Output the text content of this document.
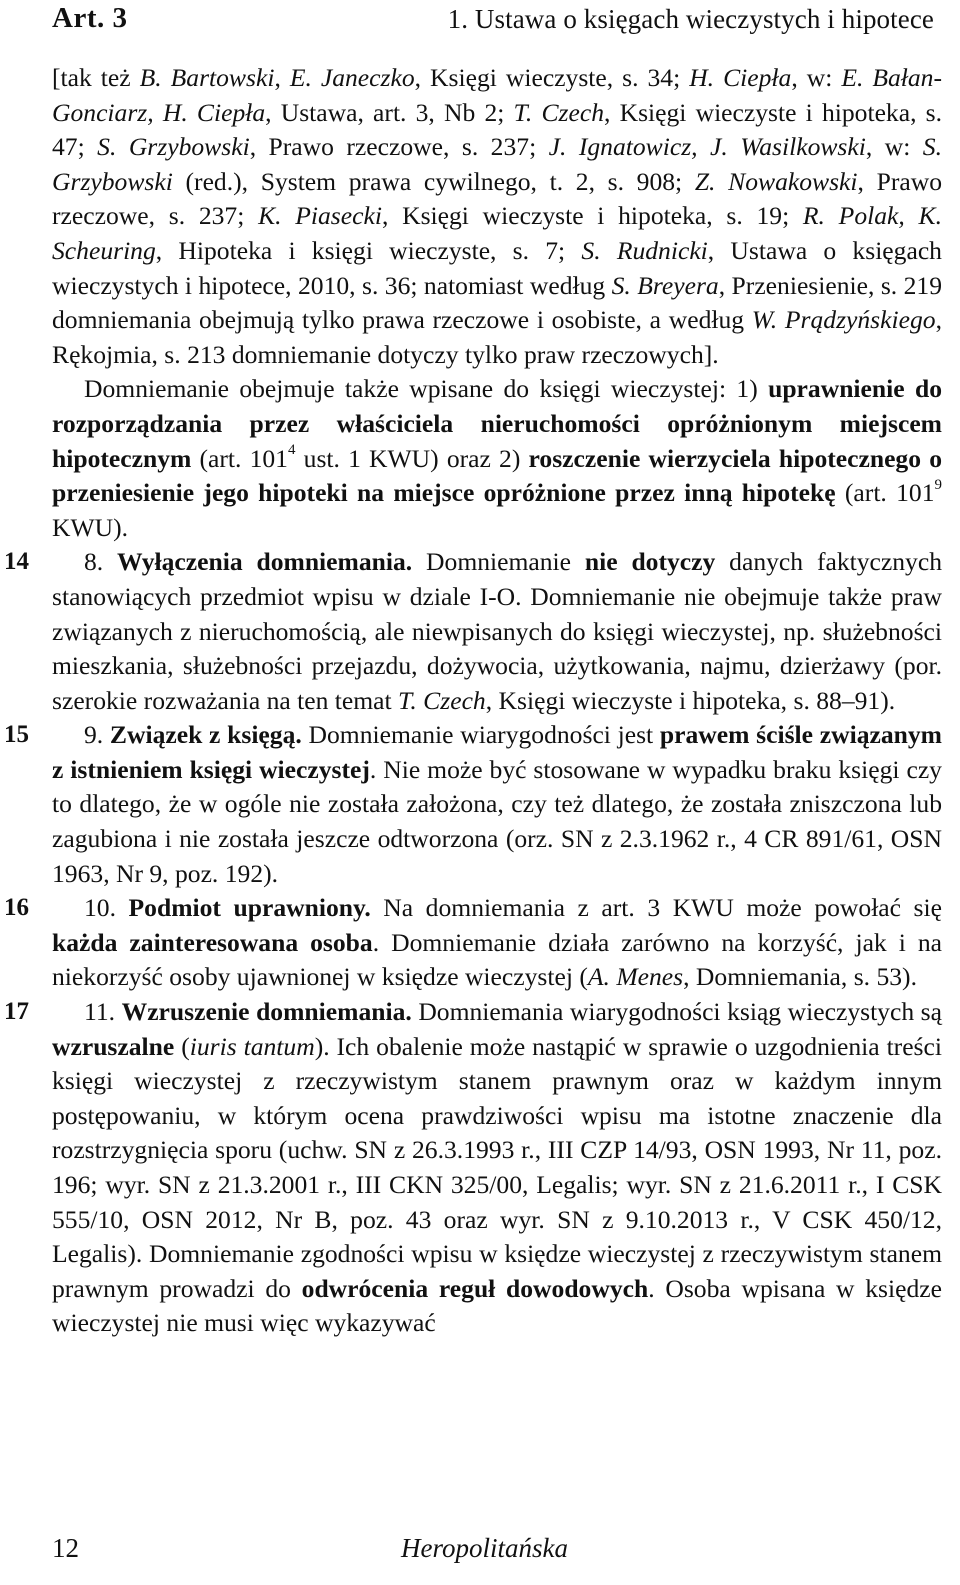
Art. 3	1. Ustawa o księgach wieczystych i hipotece

[tak też B. Bartowski, E. Janeczko, Księgi wieczyste, s. 34; H. Ciepła, w: E. Bałan-Gonciarz, H. Ciepła, Ustawa, art. 3, Nb 2; T. Czech, Księgi wieczyste i hipoteka, s. 47; S. Grzybowski, Prawo rzeczowe, s. 237; J. Ignatowicz, J. Wasilkowski, w: S. Grzybowski (red.), System prawa cywilnego, t. 2, s. 908; Z. Nowakowski, Prawo rzeczowe, s. 237; K. Piasecki, Księgi wieczyste i hipoteka, s. 19; R. Polak, K. Scheuring, Hipoteka i księgi wieczyste, s. 7; S. Rudnicki, Ustawa o księgach wieczystych i hipotece, 2010, s. 36; natomiast według S. Breyera, Przeniesienie, s. 219 domniemania obejmują tylko prawa rzeczowe i osobiste, a według W. Prądzyńskiego, Rękojmia, s. 213 domniemanie dotyczy tylko praw rzeczowych].

Domniemanie obejmuje także wpisane do księgi wieczystej: 1) uprawnienie do rozporządzania przez właściciela nieruchomości opróżnionym miejscem hipotecznym (art. $101^4$ ust. 1 KWU) oraz 2) roszczenie wierzyciela hipotecznego o przeniesienie jego hipoteki na miejsce opróżnione przez inną hipotekę (art. $101^9$ KWU).

14 8. Wyłączenia domniemania. Domniemanie nie dotyczy danych faktycznych stanowiących przedmiot wpisu w dziale I-O. Domniemanie nie obejmuje także praw związanych z nieruchomością, ale niewpisanych do księgi wieczystej, np. służebności mieszkania, służebności przejazdu, dożywocia, użytkowania, najmu, dzierżawy (por. szerokie rozważania na ten temat T. Czech, Księgi wieczyste i hipoteka, s. 88–91).

15 9. Związek z księgą. Domniemanie wiarygodności jest prawem ściśle związanym z istnieniem księgi wieczystej. Nie może być stosowane w wypadku braku księgi czy to dlatego, że w ogóle nie została założona, czy też dlatego, że została zniszczona lub zagubiona i nie została jeszcze odtworzona (orz. SN z 2.3.1962 r., 4 CR 891/61, OSN 1963, Nr 9, poz. 192).

16 10. Podmiot uprawniony. Na domniemania z art. 3 KWU może powołać się każda zainteresowana osoba. Domniemanie działa zarówno na korzyść, jak i na niekorzyść osoby ujawnionej w księdze wieczystej (A. Menes, Domniemania, s. 53).

17 11. Wzruszenie domniemania. Domniemania wiarygodności ksiąg wieczystych są wzruszalne (iuris tantum). Ich obalenie może nastąpić w sprawie o uzgodnienia treści księgi wieczystej z rzeczywistym stanem prawnym oraz w każdym innym postępowaniu, w którym ocena prawdziwości wpisu ma istotne znaczenie dla rozstrzygnięcia sporu (uchw. SN z 26.3.1993 r., III CZP 14/93, OSN 1993, Nr 11, poz. 196; wyr. SN z 21.3.2001 r., III CKN 325/00, Legalis; wyr. SN z 21.6.2011 r., I CSK 555/10, OSN 2012, Nr B, poz. 43 oraz wyr. SN z 9.10.2013 r., V CSK 450/12, Legalis). Domniemanie zgodności wpisu w księdze wieczystej z rzeczywistym stanem prawnym prowadzi do odwrócenia reguł dowodowych. Osoba wpisana w księdze wieczystej nie musi więc wykazywać

12	Heropolitańska
